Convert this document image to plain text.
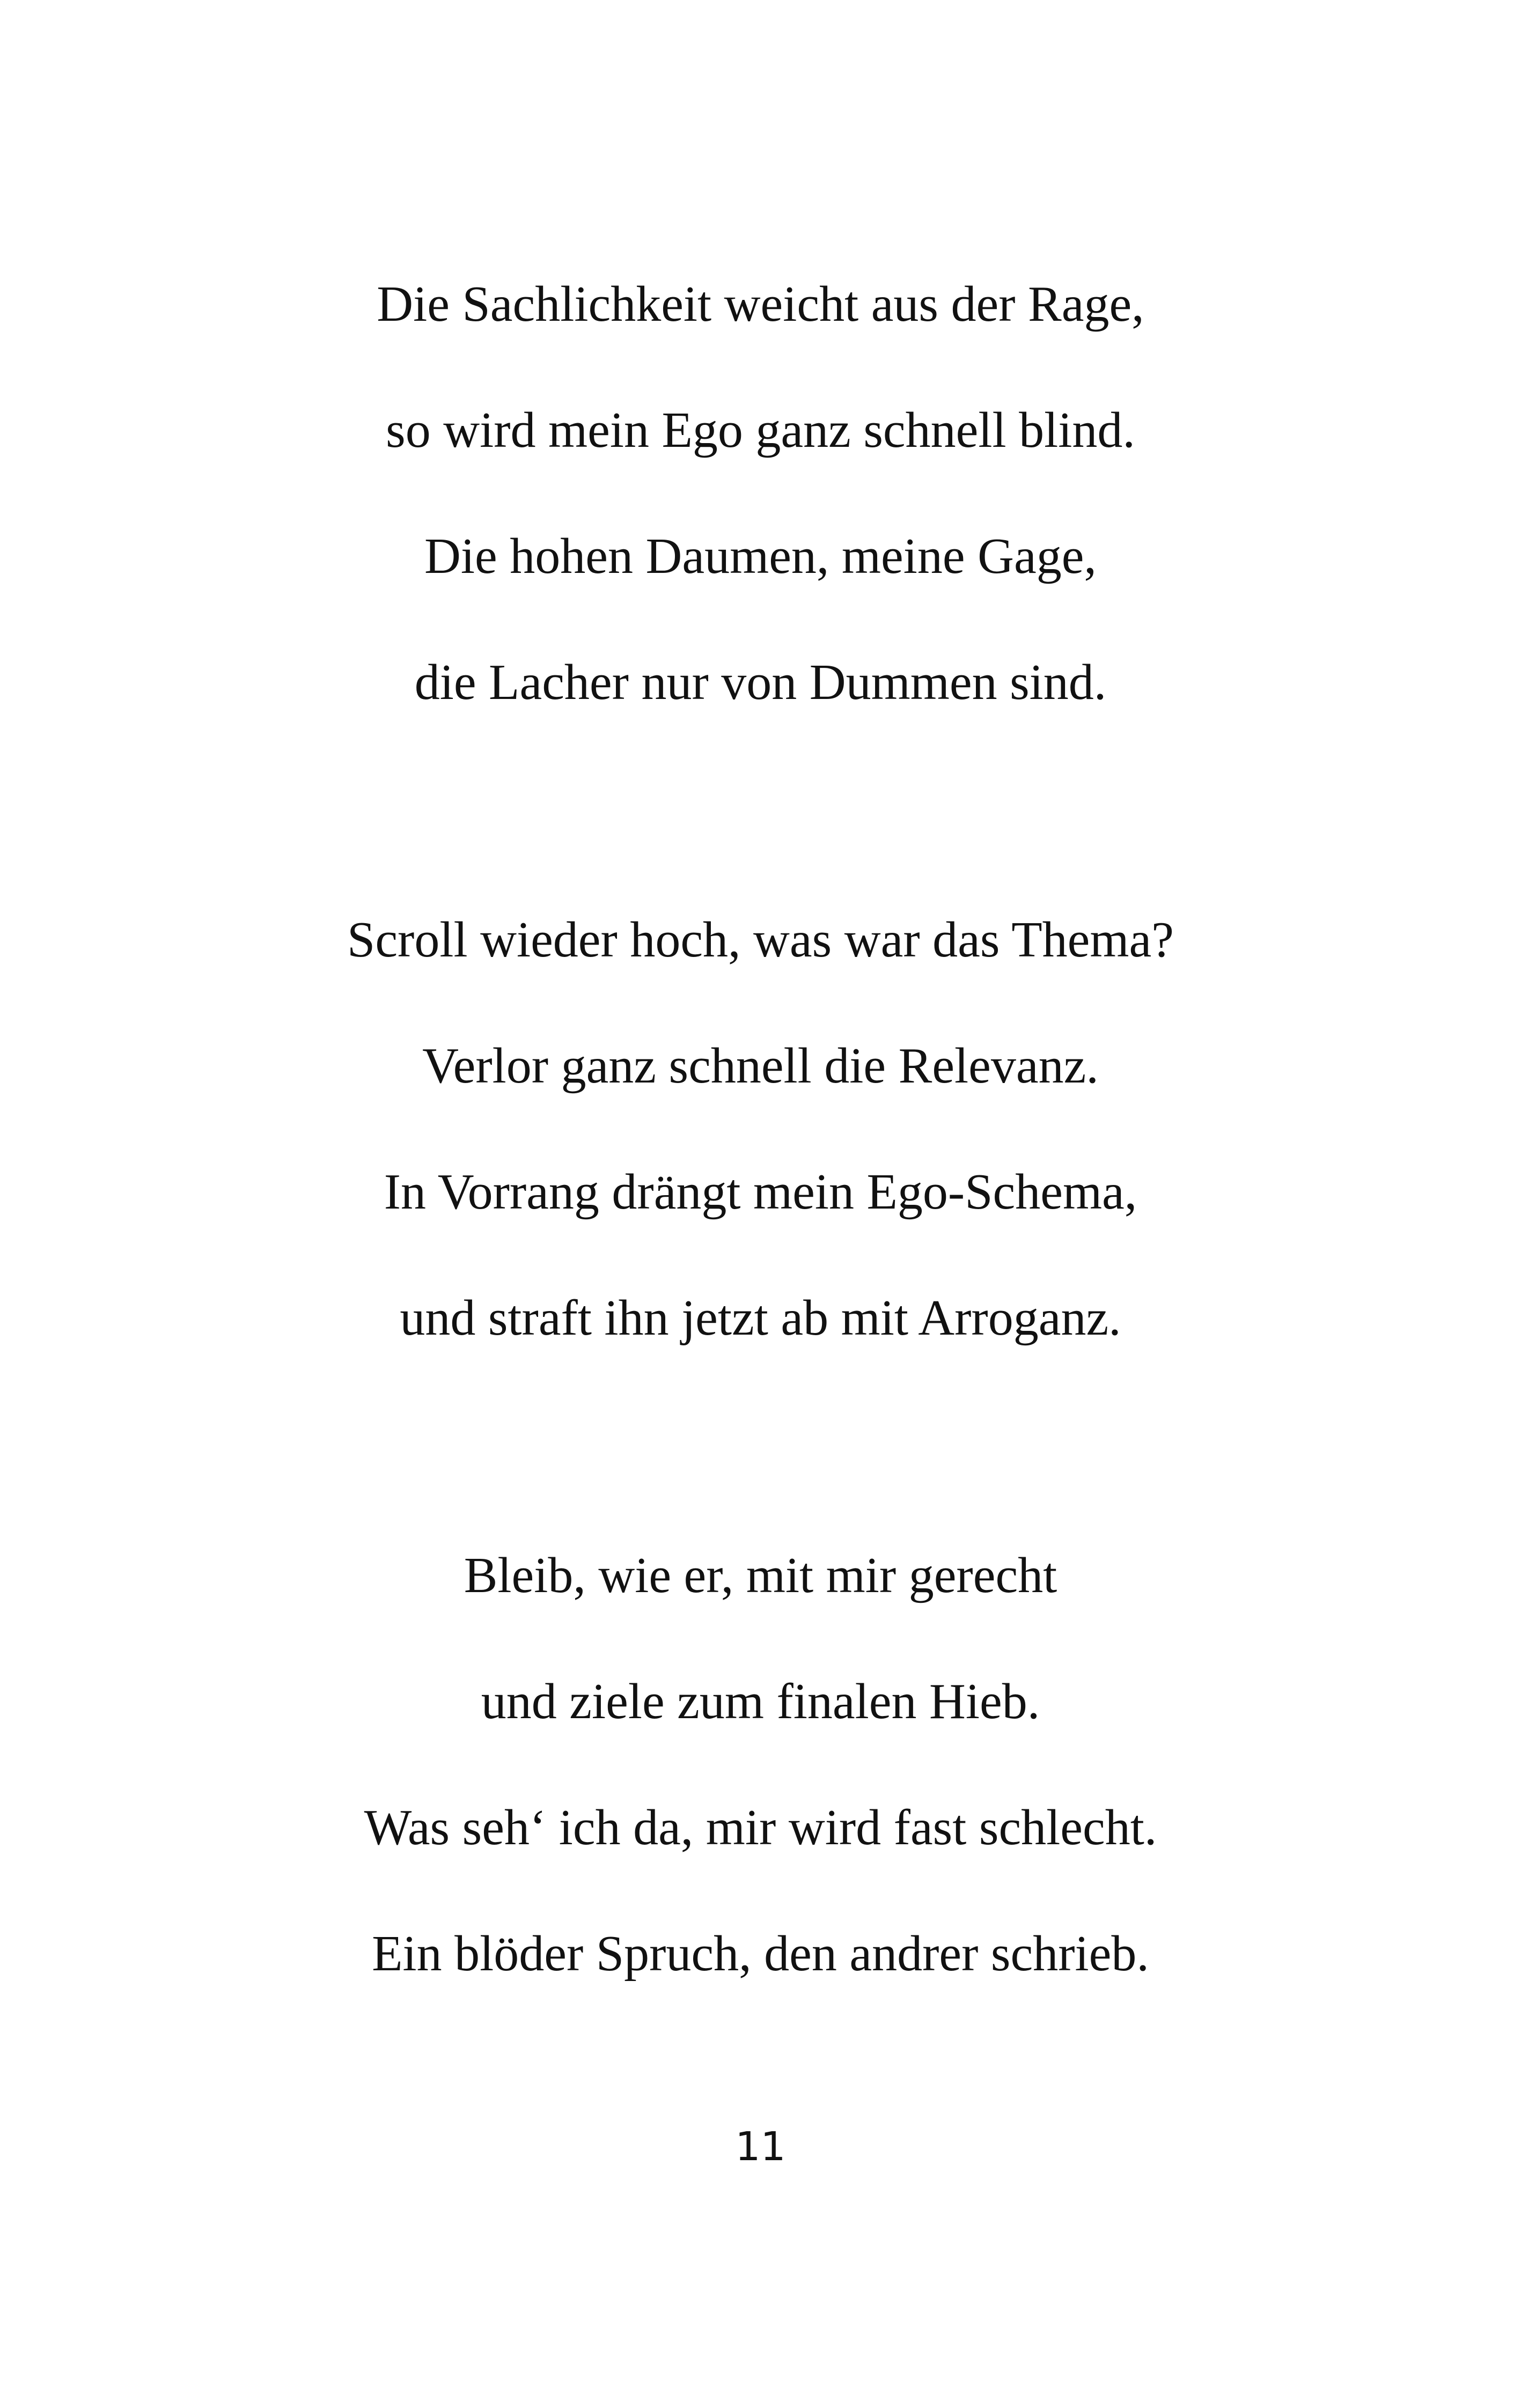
Die Sachlichkeit weicht aus der Rage,
so wird mein Ego ganz schnell blind.
Die hohen Daumen, meine Gage,
die Lacher nur von Dummen sind.
Scroll wieder hoch, was war das Thema?
Verlor ganz schnell die Relevanz.
In Vorrang drängt mein Ego-Schema,
und straft ihn jetzt ab mit Arroganz.
Bleib, wie er, mit mir gerecht
und ziele zum finalen Hieb.
Was seh‘ ich da, mir wird fast schlecht.
Ein blöder Spruch, den andrer schrieb.
11
